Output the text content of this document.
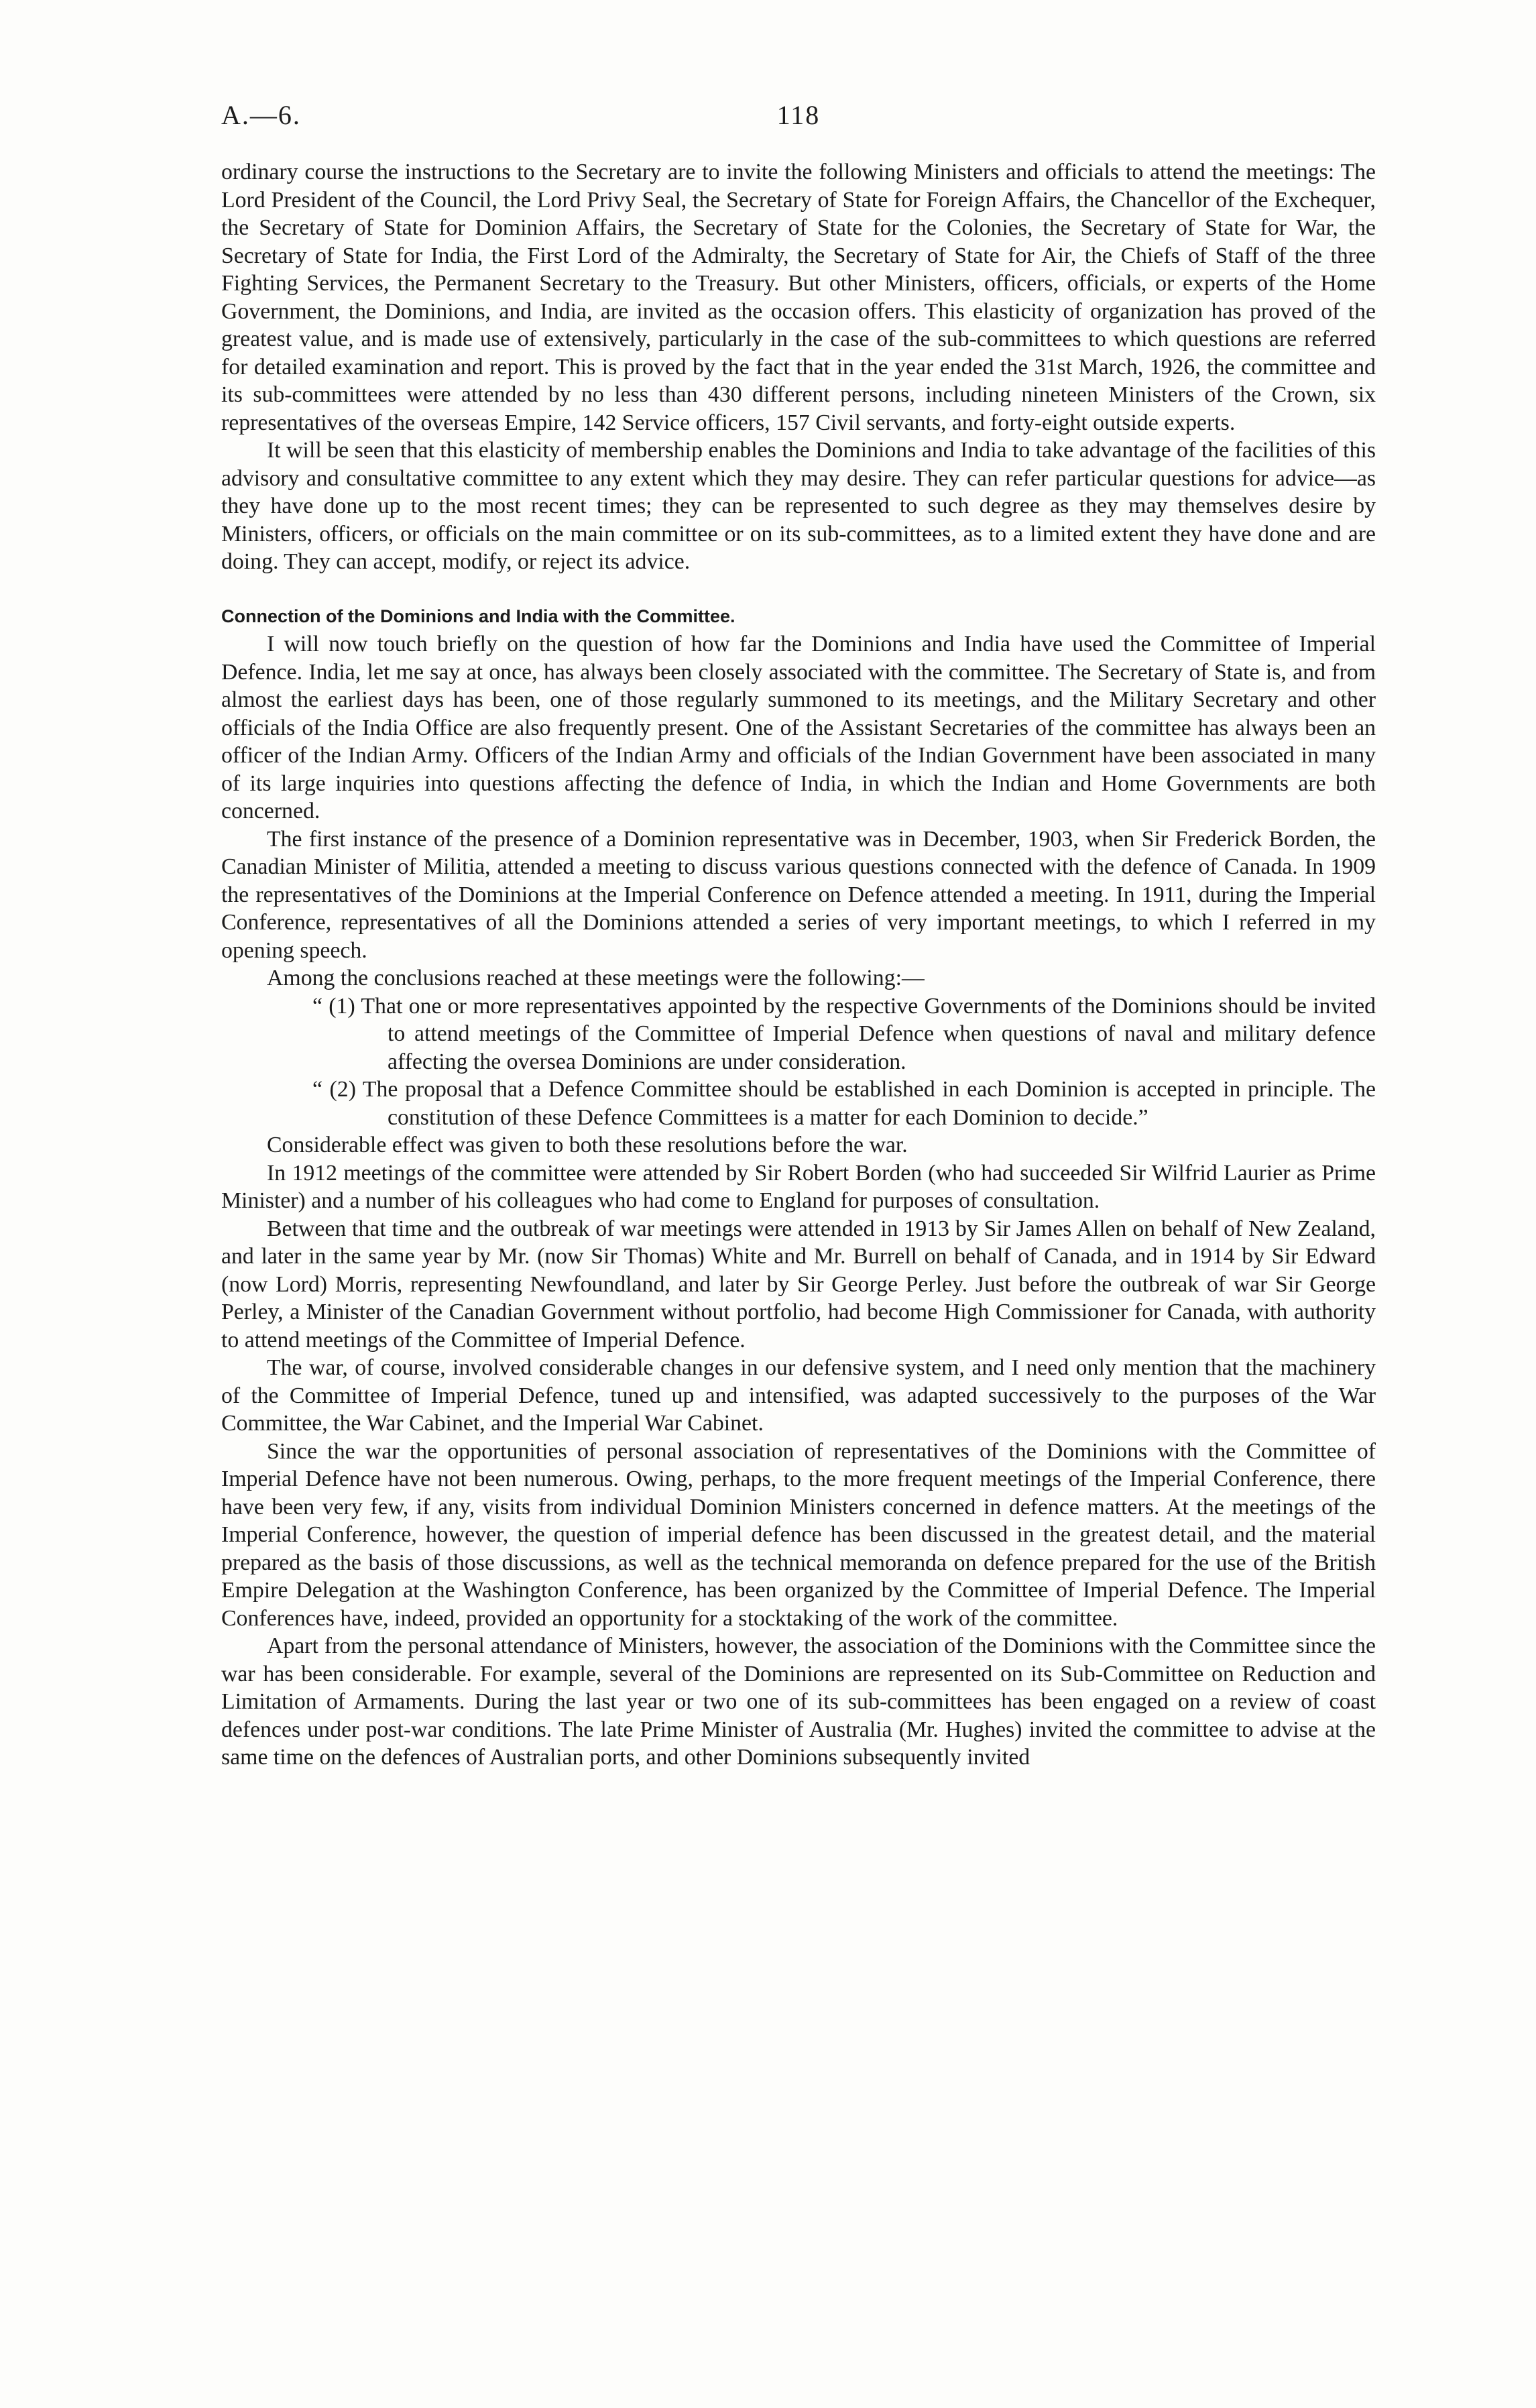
A.—6.	118

ordinary course the instructions to the Secretary are to invite the following Ministers and officials to attend the meetings: The Lord President of the Council, the Lord Privy Seal, the Secretary of State for Foreign Affairs, the Chancellor of the Exchequer, the Secretary of State for Dominion Affairs, the Secretary of State for the Colonies, the Secretary of State for War, the Secretary of State for India, the First Lord of the Admiralty, the Secretary of State for Air, the Chiefs of Staff of the three Fighting Services, the Permanent Secretary to the Treasury. But other Ministers, officers, officials, or experts of the Home Government, the Dominions, and India, are invited as the occasion offers. This elasticity of organization has proved of the greatest value, and is made use of extensively, particularly in the case of the sub-committees to which questions are referred for detailed examination and report. This is proved by the fact that in the year ended the 31st March, 1926, the committee and its sub-committees were attended by no less than 430 different persons, including nineteen Ministers of the Crown, six representatives of the overseas Empire, 142 Service officers, 157 Civil servants, and forty-eight outside experts.

It will be seen that this elasticity of membership enables the Dominions and India to take advantage of the facilities of this advisory and consultative committee to any extent which they may desire. They can refer particular questions for advice—as they have done up to the most recent times; they can be represented to such degree as they may themselves desire by Ministers, officers, or officials on the main committee or on its sub-committees, as to a limited extent they have done and are doing. They can accept, modify, or reject its advice.

Connection of the Dominions and India with the Committee.

I will now touch briefly on the question of how far the Dominions and India have used the Committee of Imperial Defence. India, let me say at once, has always been closely associated with the committee. The Secretary of State is, and from almost the earliest days has been, one of those regularly summoned to its meetings, and the Military Secretary and other officials of the India Office are also frequently present. One of the Assistant Secretaries of the committee has always been an officer of the Indian Army. Officers of the Indian Army and officials of the Indian Government have been associated in many of its large inquiries into questions affecting the defence of India, in which the Indian and Home Governments are both concerned.

The first instance of the presence of a Dominion representative was in December, 1903, when Sir Frederick Borden, the Canadian Minister of Militia, attended a meeting to discuss various questions connected with the defence of Canada. In 1909 the representatives of the Dominions at the Imperial Conference on Defence attended a meeting. In 1911, during the Imperial Conference, representatives of all the Dominions attended a series of very important meetings, to which I referred in my opening speech.

Among the conclusions reached at these meetings were the following:—

“ (1) That one or more representatives appointed by the respective Governments of the Dominions should be invited to attend meetings of the Committee of Imperial Defence when questions of naval and military defence affecting the oversea Dominions are under consideration.

“ (2) The proposal that a Defence Committee should be established in each Dominion is accepted in principle. The constitution of these Defence Committees is a matter for each Dominion to decide.”

Considerable effect was given to both these resolutions before the war.

In 1912 meetings of the committee were attended by Sir Robert Borden (who had succeeded Sir Wilfrid Laurier as Prime Minister) and a number of his colleagues who had come to England for purposes of consultation.

Between that time and the outbreak of war meetings were attended in 1913 by Sir James Allen on behalf of New Zealand, and later in the same year by Mr. (now Sir Thomas) White and Mr. Burrell on behalf of Canada, and in 1914 by Sir Edward (now Lord) Morris, representing Newfoundland, and later by Sir George Perley. Just before the outbreak of war Sir George Perley, a Minister of the Canadian Government without portfolio, had become High Commissioner for Canada, with authority to attend meetings of the Committee of Imperial Defence.

The war, of course, involved considerable changes in our defensive system, and I need only mention that the machinery of the Committee of Imperial Defence, tuned up and intensified, was adapted successively to the purposes of the War Committee, the War Cabinet, and the Imperial War Cabinet.

Since the war the opportunities of personal association of representatives of the Dominions with the Committee of Imperial Defence have not been numerous. Owing, perhaps, to the more frequent meetings of the Imperial Conference, there have been very few, if any, visits from individual Dominion Ministers concerned in defence matters. At the meetings of the Imperial Conference, however, the question of imperial defence has been discussed in the greatest detail, and the material prepared as the basis of those discussions, as well as the technical memoranda on defence prepared for the use of the British Empire Delegation at the Washington Conference, has been organized by the Committee of Imperial Defence. The Imperial Conferences have, indeed, provided an opportunity for a stocktaking of the work of the committee.

Apart from the personal attendance of Ministers, however, the association of the Dominions with the Committee since the war has been considerable. For example, several of the Dominions are represented on its Sub-Committee on Reduction and Limitation of Armaments. During the last year or two one of its sub-committees has been engaged on a review of coast defences under post-war conditions. The late Prime Minister of Australia (Mr. Hughes) invited the committee to advise at the same time on the defences of Australian ports, and other Dominions subsequently invited
